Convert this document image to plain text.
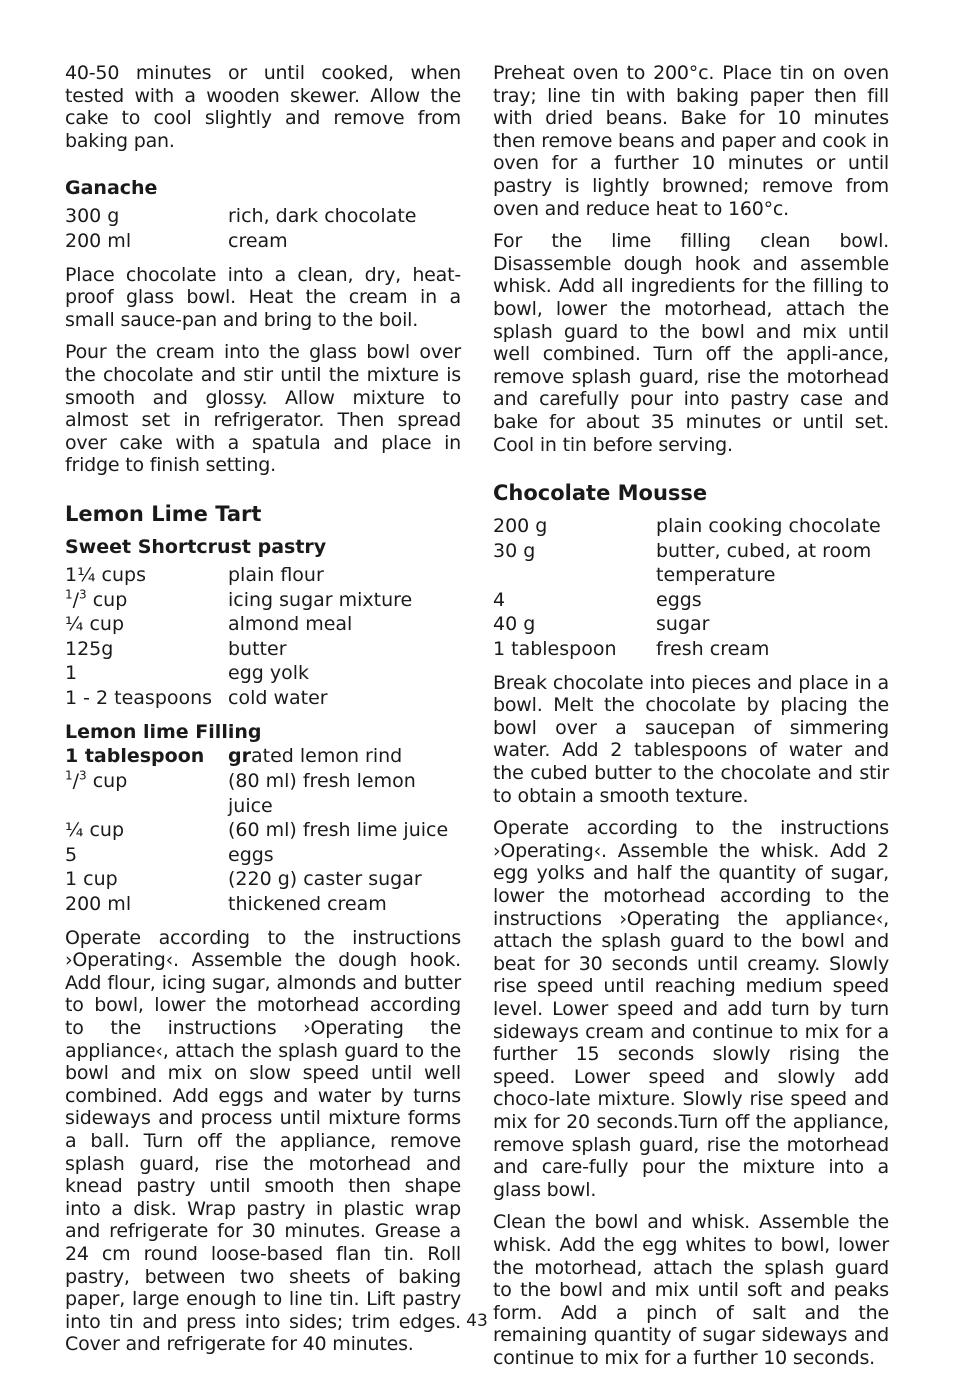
40-50 minutes or until cooked, when tested with a wooden skewer. Allow the cake to cool slightly and remove from baking pan.

Ganache
300 g	rich, dark chocolate
200 ml	cream

Place chocolate into a clean, dry, heat-proof glass bowl. Heat the cream in a small sauce-pan and bring to the boil.

Pour the cream into the glass bowl over the chocolate and stir until the mixture is smooth and glossy. Allow mixture to almost set in refrigerator. Then spread over cake with a spatula and place in fridge to finish setting.

Lemon Lime Tart
Sweet Shortcrust pastry
1¼ cups	plain flour
$^1$/$^3$ cup	icing sugar mixture
¼ cup	almond meal
125g	butter
1	egg yolk
1 - 2 teaspoons cold water
Lemon lime Filling
1 tablespoon	grated lemon rind
$^1$/$^3$ cup	(80 ml) fresh lemon juice
¼ cup	(60 ml) fresh lime juice
5	eggs
1 cup	(220 g) caster sugar
200 ml	thickened cream

Operate according to the instructions ›Operating‹. Assemble the dough hook. Add flour, icing sugar, almonds and butter to bowl, lower the motorhead according to the instructions ›Operating the appliance‹, attach the splash guard to the bowl and mix on slow speed until well combined. Add eggs and water by turns sideways and process until mixture forms a ball. Turn off the appliance, remove splash guard, rise the motorhead and knead pastry until smooth then shape into a disk. Wrap pastry in plastic wrap and refrigerate for 30 minutes. Grease a 24 cm round loose-based flan tin. Roll pastry, between two sheets of baking paper, large enough to line tin. Lift pastry into tin and press into sides; trim edges. Cover and refrigerate for 40 minutes.

Preheat oven to 200°c. Place tin on oven tray; line tin with baking paper then fill with dried beans. Bake for 10 minutes then remove beans and paper and cook in oven for a further 10 minutes or until pastry is lightly browned; remove from oven and reduce heat to 160°c.

For the lime filling clean bowl. Disassemble dough hook and assemble whisk. Add all ingredients for the filling to bowl, lower the motorhead, attach the splash guard to the bowl and mix until well combined. Turn off the appli-ance, remove splash guard, rise the motorhead and carefully pour into pastry case and bake for about 35 minutes or until set. Cool in tin before serving.

Chocolate Mousse
200 g	plain cooking chocolate
30 g	butter, cubed, at room temperature
4	eggs
40 g	sugar
1 tablespoon	fresh cream

Break chocolate into pieces and place in a bowl. Melt the chocolate by placing the bowl over a saucepan of simmering water. Add 2 tablespoons of water and the cubed butter to the chocolate and stir to obtain a smooth texture.

Operate according to the instructions ›Operating‹. Assemble the whisk. Add 2 egg yolks and half the quantity of sugar, lower the motorhead according to the instructions ›Operating the appliance‹, attach the splash guard to the bowl and beat for 30 seconds until creamy. Slowly rise speed until reaching medium speed level. Lower speed and add turn by turn sideways cream and continue to mix for a further 15 seconds slowly rising the speed. Lower speed and slowly add choco-late mixture. Slowly rise speed and mix for 20 seconds.Turn off the appliance, remove splash guard, rise the motorhead and care-fully pour the mixture into a glass bowl.

Clean the bowl and whisk. Assemble the whisk. Add the egg whites to bowl, lower the motorhead, attach the splash guard to the bowl and mix until soft and peaks form. Add a pinch of salt and the remaining quantity of sugar sideways and continue to mix for a further 10 seconds.

43
